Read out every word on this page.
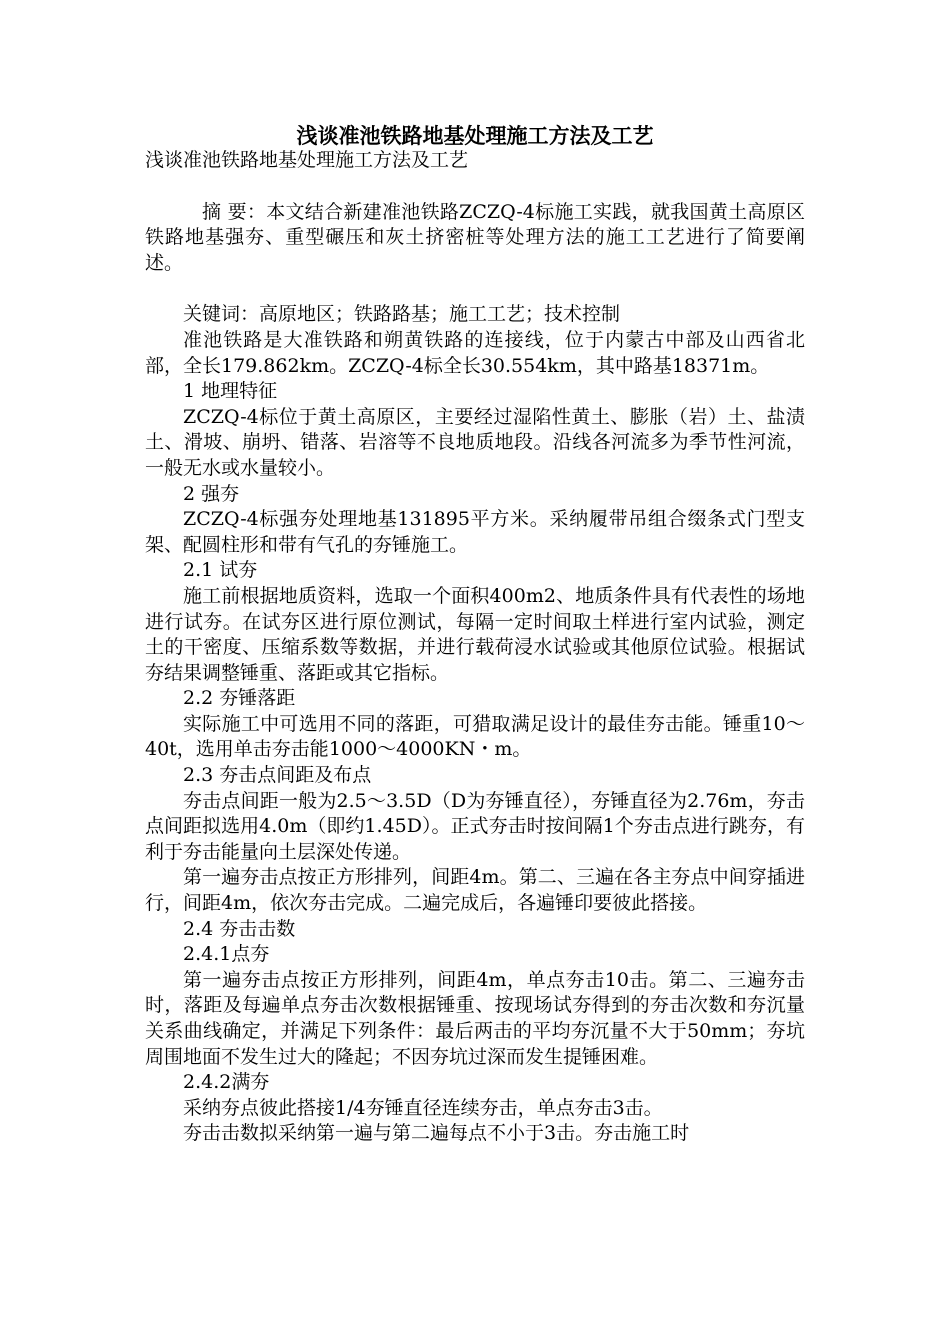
浅谈准池铁路地基处理施工方法及工艺

浅谈准池铁路地基处理施工方法及工艺

摘 要：本文结合新建准池铁路ZCZQ-4标施工实践，就我国黄土高原区铁路地基强夯、重型碾压和灰土挤密桩等处理方法的施工工艺进行了简要阐述。

关键词：高原地区；铁路路基；施工工艺；技术控制

准池铁路是大准铁路和朔黄铁路的连接线，位于内蒙古中部及山西省北部，全长179.862km。ZCZQ-4标全长30.554km，其中路基18371m。

1 地理特征

ZCZQ-4标位于黄土高原区，主要经过湿陷性黄土、膨胀（岩）土、盐渍土、滑坡、崩坍、错落、岩溶等不良地质地段。沿线各河流多为季节性河流，一般无水或水量较小。

2 强夯

ZCZQ-4标强夯处理地基131895平方米。采纳履带吊组合缀条式门型支架、配圆柱形和带有气孔的夯锤施工。

2.1 试夯

施工前根据地质资料，选取一个面积400m2、地质条件具有代表性的场地进行试夯。在试夯区进行原位测试，每隔一定时间取土样进行室内试验，测定土的干密度、压缩系数等数据，并进行载荷浸水试验或其他原位试验。根据试夯结果调整锤重、落距或其它指标。

2.2 夯锤落距

实际施工中可选用不同的落距，可猎取满足设计的最佳夯击能。锤重10～40t，选用单击夯击能1000～4000KN・m。

2.3 夯击点间距及布点

夯击点间距一般为2.5～3.5D（D为夯锤直径），夯锤直径为2.76m，夯击点间距拟选用4.0m（即约1.45D）。正式夯击时按间隔1个夯击点进行跳夯，有利于夯击能量向土层深处传递。

第一遍夯击点按正方形排列，间距4m。第二、三遍在各主夯点中间穿插进行，间距4m，依次夯击完成。二遍完成后，各遍锤印要彼此搭接。

2.4 夯击击数

2.4.1点夯

第一遍夯击点按正方形排列，间距4m，单点夯击10击。第二、三遍夯击时，落距及每遍单点夯击次数根据锤重、按现场试夯得到的夯击次数和夯沉量关系曲线确定，并满足下列条件：最后两击的平均夯沉量不大于50mm；夯坑周围地面不发生过大的隆起；不因夯坑过深而发生提锤困难。

2.4.2满夯

采纳夯点彼此搭接1/4夯锤直径连续夯击，单点夯击3击。

夯击击数拟采纳第一遍与第二遍每点不小于3击。夯击施工时
